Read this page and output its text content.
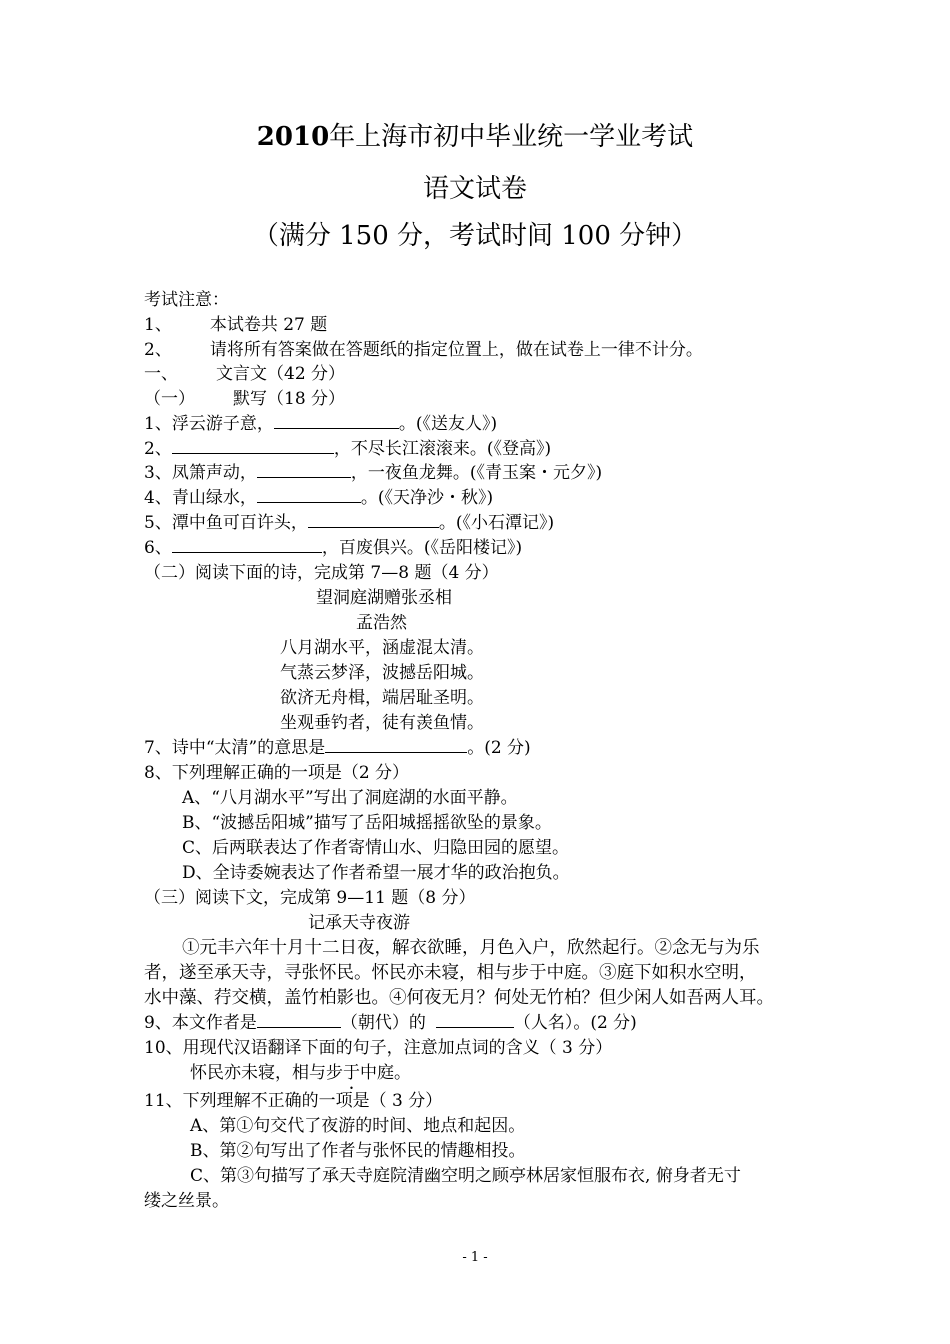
2010年上海市初中毕业统一学业考试
语文试卷
（满分 150 分，考试时间 100 分钟）
考试注意：
1、 本试卷共 27 题
2、 请将所有答案做在答题纸的指定位置上，做在试卷上一律不计分。
一、 文言文（42 分）
（一） 默写（18 分）
1、浮云游子意，	。(《送友人》)
2、	，不尽长江滚滚来。(《登高》)
3、凤箫声动，	，一夜鱼龙舞。(《青玉案・元夕》)
4、青山绿水，	。(《天净沙・秋》)
5、潭中鱼可百许头，	。(《小石潭记》)
6、	，百废俱兴。(《岳阳楼记》)
（二）阅读下面的诗，完成第 7—8 题（4 分）
望洞庭湖赠张丞相
孟浩然
八月湖水平，涵虚混太清。
气蒸云梦泽，波撼岳阳城。
欲济无舟楫，端居耻圣明。
坐观垂钓者，徒有羡鱼情。
7、诗中“太清”的意思是	。(2 分)
8、下列理解正确的一项是（2 分）
A、“八月湖水平”写出了洞庭湖的水面平静。
B、“波撼岳阳城”描写了岳阳城摇摇欲坠的景象。
C、后两联表达了作者寄情山水、归隐田园的愿望。
D、全诗委婉表达了作者希望一展才华的政治抱负。
（三）阅读下文，完成第 9—11 题（8 分）
记承天寺夜游
①元丰六年十月十二日夜，解衣欲睡，月色入户，欣然起行。②念无与为乐
者，遂至承天寺，寻张怀民。怀民亦未寝，相与步于中庭。③庭下如积水空明，
水中藻、荇交横，盖竹柏影也。④何夜无月？何处无竹柏？但少闲人如吾两人耳。
9、本文作者是	（朝代）的	（人名）。(2 分)
10、用现代汉语翻译下面的句子，注意加点词的含义（ 3 分）
怀民亦未寝，相与步于中庭。
11、下列理解不正确的一项是（ 3 分）
A、第①句交代了夜游的时间、地点和起因。
B、第②句写出了作者与张怀民的情趣相投。
C、第③句描写了承天寺庭院清幽空明之顾亭林居家恒服布衣, 俯身者无寸
缕之丝景。
- 1 -
